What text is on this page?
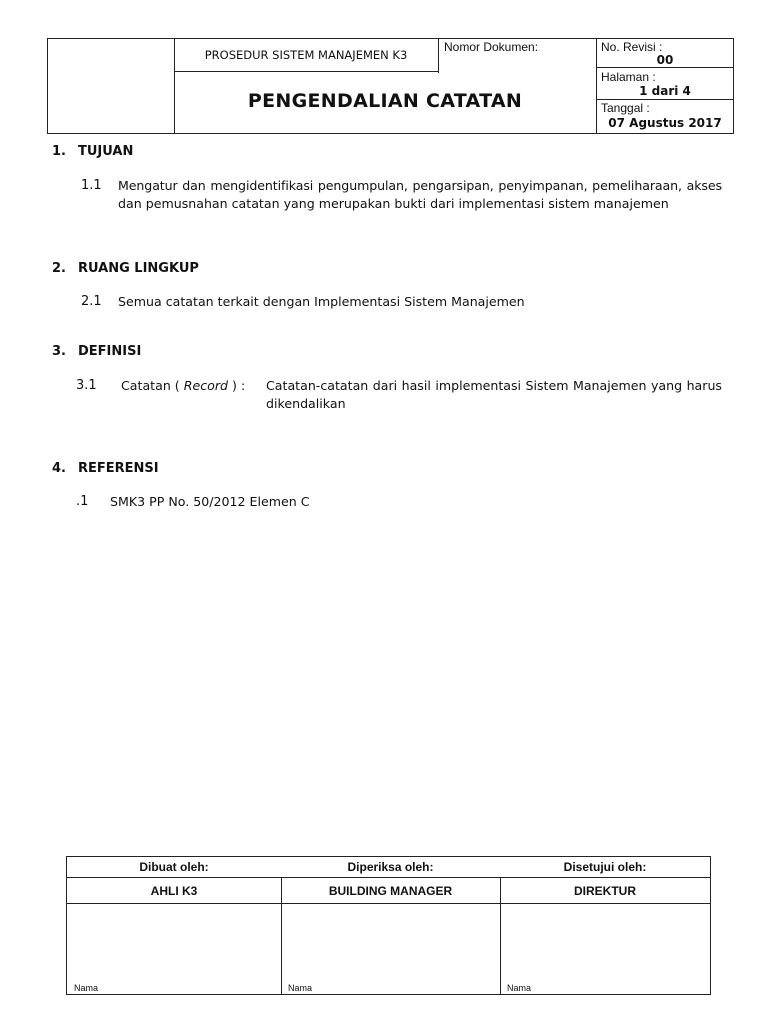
PROSEDUR SISTEM MANAJEMEN K3
Nomor Dokumen:
PENGENDALIAN CATATAN
No. Revisi :
00
Halaman :
1 dari 4
Tanggal :
07 Agustus 2017
1. TUJUAN
1.1 Mengatur dan mengidentifikasi pengumpulan, pengarsipan, penyimpanan, pemeliharaan, akses
dan pemusnahan catatan yang merupakan bukti dari implementasi sistem manajemen
2. RUANG LINGKUP
2.1 Semua catatan terkait dengan Implementasi Sistem Manajemen
3. DEFINISI
3.1 Catatan ( Record ) : Catatan-catatan dari hasil implementasi Sistem Manajemen yang harus
dikendalikan
4. REFERENSI
.1 SMK3 PP No. 50/2012 Elemen C
Dibuat oleh:	Diperiksa oleh:	Disetujui oleh:
AHLI K3	BUILDING MANAGER	DIREKTUR
Nama	Nama	Nama
